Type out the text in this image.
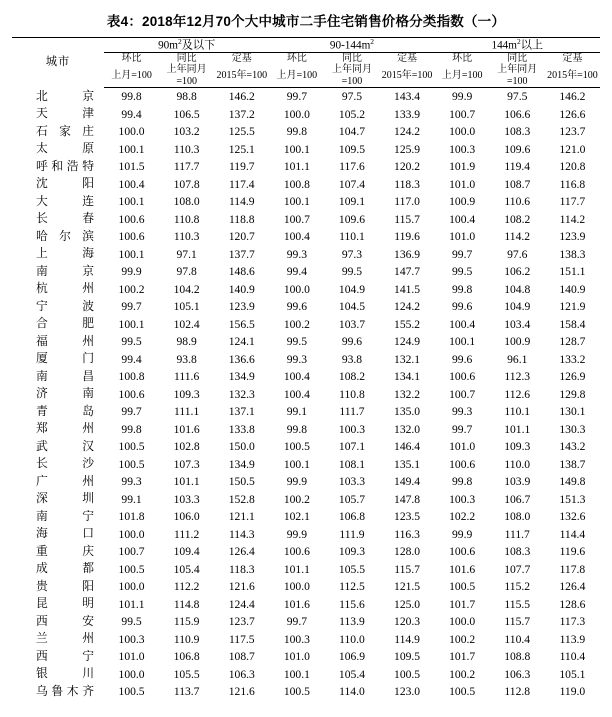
表4：2018年12月70个大中城市二手住宅销售价格分类指数（一）
城市	$90m^2$及以下			$90-144m^2$			$144m^2$以上		
	环比	同比	定基	环比	同比	定基	环比	同比	定基
	上月=100	上年同月=100	2015年=100	上月=100	上年同月=100	2015年=100	上月=100	上年同月=100	2015年=100
北京	99.8	98.8	146.2	99.7	97.5	143.4	99.9	97.5	146.2
天津	99.4	106.5	137.2	100.0	105.2	133.9	100.7	106.6	126.6
石家庄	100.0	103.2	125.5	99.8	104.7	124.2	100.0	108.3	123.7
太原	100.1	110.3	125.1	100.1	109.5	125.9	100.3	109.6	121.0
呼和浩特	101.5	117.7	119.7	101.1	117.6	120.2	101.9	119.4	120.8
沈阳	100.4	107.8	117.4	100.8	107.4	118.3	101.0	108.7	116.8
大连	100.1	108.0	114.9	100.1	109.1	117.0	100.9	110.6	117.7
长春	100.6	110.8	118.8	100.7	109.6	115.7	100.4	108.2	114.2
哈尔滨	100.6	110.3	120.7	100.4	110.1	119.6	101.0	114.2	123.9
上海	100.1	97.1	137.7	99.3	97.3	136.9	99.7	97.6	138.3
南京	99.9	97.8	148.6	99.4	99.5	147.7	99.5	106.2	151.1
杭州	100.2	104.2	140.9	100.0	104.9	141.5	99.8	104.8	140.9
宁波	99.7	105.1	123.9	99.6	104.5	124.2	99.6	104.9	121.9
合肥	100.1	102.4	156.5	100.2	103.7	155.2	100.4	103.4	158.4
福州	99.5	98.9	124.1	99.5	99.6	124.9	100.1	100.9	128.7
厦门	99.4	93.8	136.6	99.3	93.8	132.1	99.6	96.1	133.2
南昌	100.8	111.6	134.9	100.4	108.2	134.1	100.6	112.3	126.9
济南	100.6	109.3	132.3	100.4	110.8	132.2	100.7	112.6	129.8
青岛	99.7	111.1	137.1	99.1	111.7	135.0	99.3	110.1	130.1
郑州	99.8	101.6	133.8	99.8	100.3	132.0	99.7	101.1	130.3
武汉	100.5	102.8	150.0	100.5	107.1	146.4	101.0	109.3	143.2
长沙	100.5	107.3	134.9	100.1	108.1	135.1	100.6	110.0	138.7
广州	99.3	101.1	150.5	99.9	103.3	149.4	99.8	103.9	149.8
深圳	99.1	103.3	152.8	100.2	105.7	147.8	100.3	106.7	151.3
南宁	101.8	106.0	121.1	102.1	106.8	123.5	102.2	108.0	132.6
海口	100.0	111.2	114.3	99.9	111.9	116.3	99.9	111.7	114.4
重庆	100.7	109.4	126.4	100.6	109.3	128.0	100.6	108.3	119.6
成都	100.5	105.4	118.3	101.1	105.5	115.7	101.6	107.7	117.8
贵阳	100.0	112.2	121.6	100.0	112.5	121.5	100.5	115.2	126.4
昆明	101.1	114.8	124.4	101.6	115.6	125.0	101.7	115.5	128.6
西安	99.5	115.9	123.7	99.7	113.9	120.3	100.0	115.7	117.3
兰州	100.3	110.9	117.5	100.3	110.0	114.9	100.2	110.4	113.9
西宁	101.0	106.8	108.7	101.0	106.9	109.5	101.7	108.8	110.4
银川	100.0	105.5	106.3	100.1	105.4	100.5	100.2	106.3	105.1
乌鲁木齐	100.5	113.7	121.6	100.5	114.0	123.0	100.5	112.8	119.0
